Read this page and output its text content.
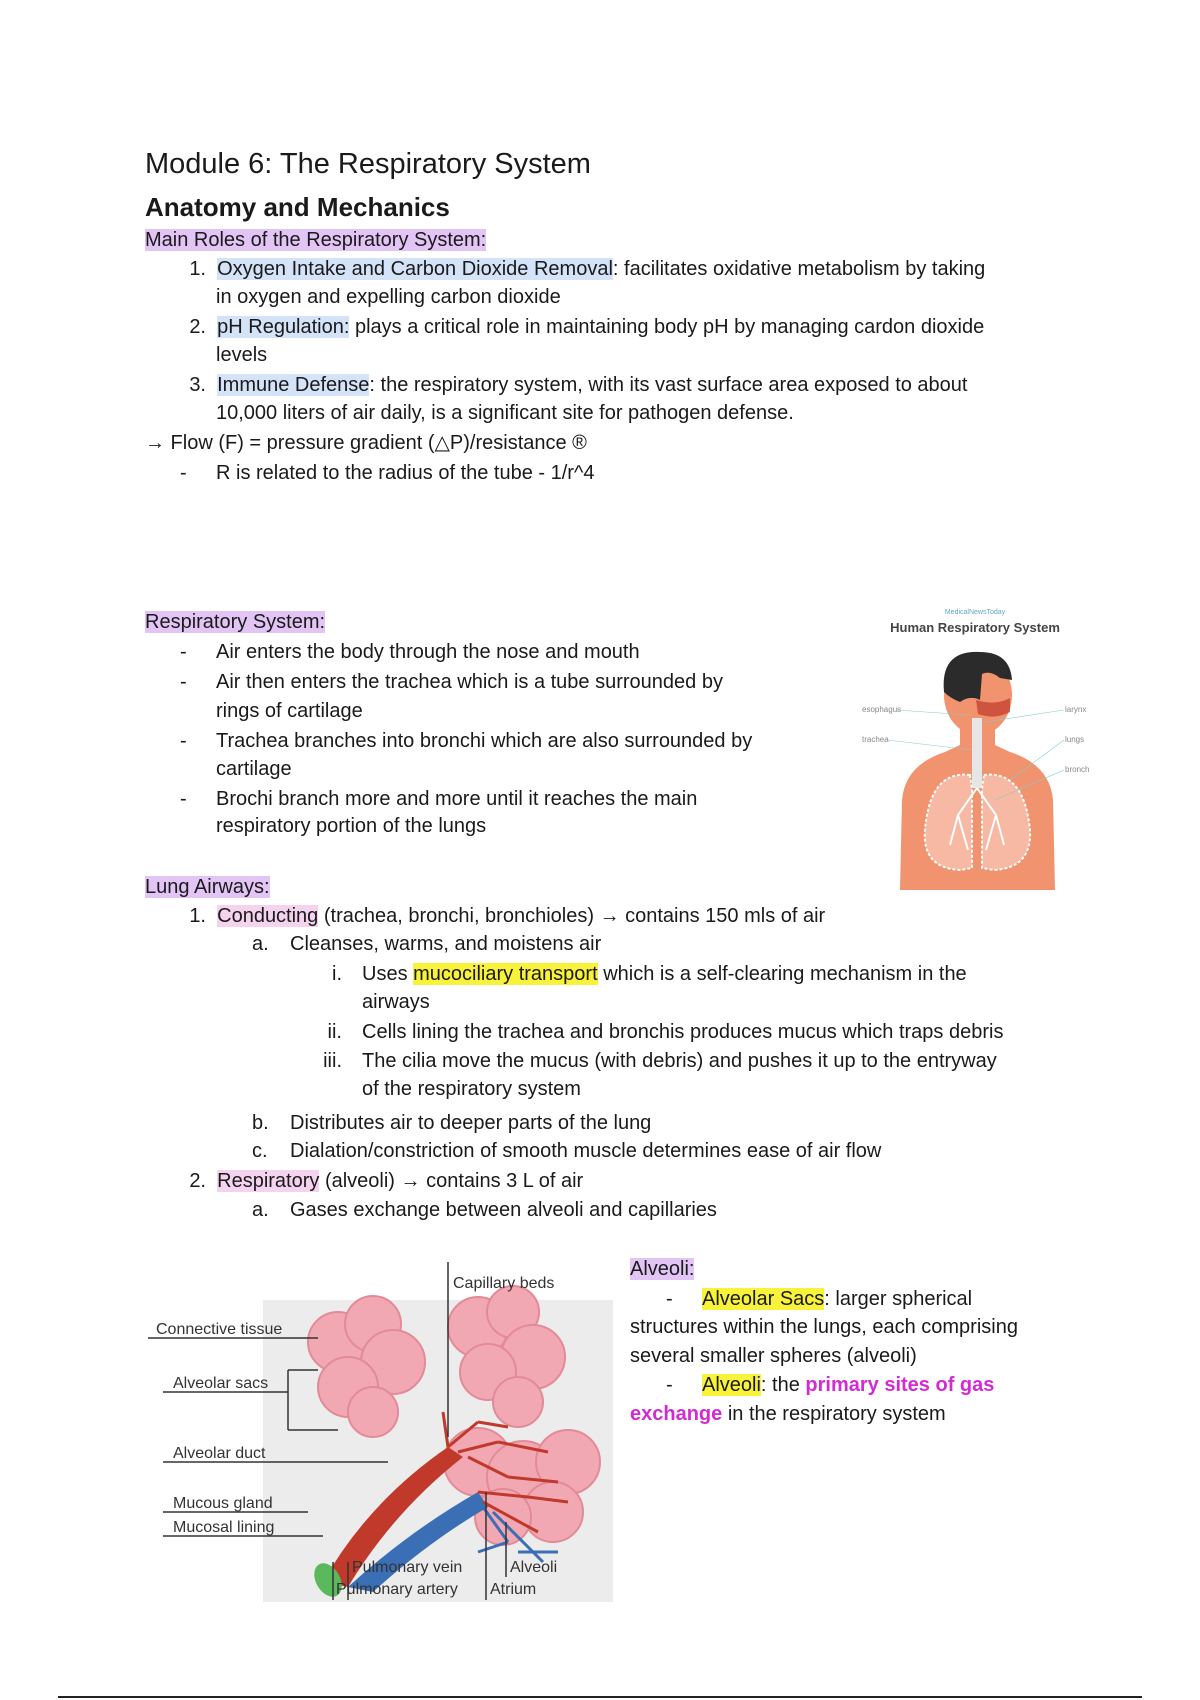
Module 6: The Respiratory System
Anatomy and Mechanics
Main Roles of the Respiratory System:
1. Oxygen Intake and Carbon Dioxide Removal: facilitates oxidative metabolism by taking
in oxygen and expelling carbon dioxide
2. pH Regulation: plays a critical role in maintaining body pH by managing cardon dioxide
levels
3. Immune Defense: the respiratory system, with its vast surface area exposed to about
10,000 liters of air daily, is a significant site for pathogen defense.
→ Flow (F) = pressure gradient (△P)/resistance ®
- R is related to the radius of the tube - 1/r^4
Respiratory System:	MedicalNewsToday
Human Respiratory System
esophagus
trachea
larynx
lungs
bronchi
Lung Airways:
1. Conducting (trachea, bronchi, bronchioles) → contains 150 mls of air
a. Cleanses, warms, and moistens air
i. Uses mucociliary transport which is a self-clearing mechanism in the
airways
ii. Cells lining the trachea and bronchis produces mucus which traps debris
iii. The cilia move the mucus (with debris) and pushes it up to the entryway
of the respiratory system
b. Distributes air to deeper parts of the lung
c. Dialation/constriction of smooth muscle determines ease of air flow
2. Respiratory (alveoli) → contains 3 L of air
a. Gases exchange between alveoli and capillaries
Capillary beds
Connective tissue
Alveolar sacs
Alveolar duct
Mucous gland
Mucosal lining
Pulmonary vein
Pulmonary artery
Alveoli
Atrium
Alveoli:
- Alveolar Sacs: larger spherical
structures within the lungs, each comprising
several smaller spheres (alveoli)
- Alveoli: the primary sites of gas
exchange in the respiratory system
- Air enters the body through the nose and mouth
- Air then enters the trachea which is a tube surrounded by
rings of cartilage
- Trachea branches into bronchi which are also surrounded by
cartilage
- Brochi branch more and more until it reaches the main
respiratory portion of the lungs
